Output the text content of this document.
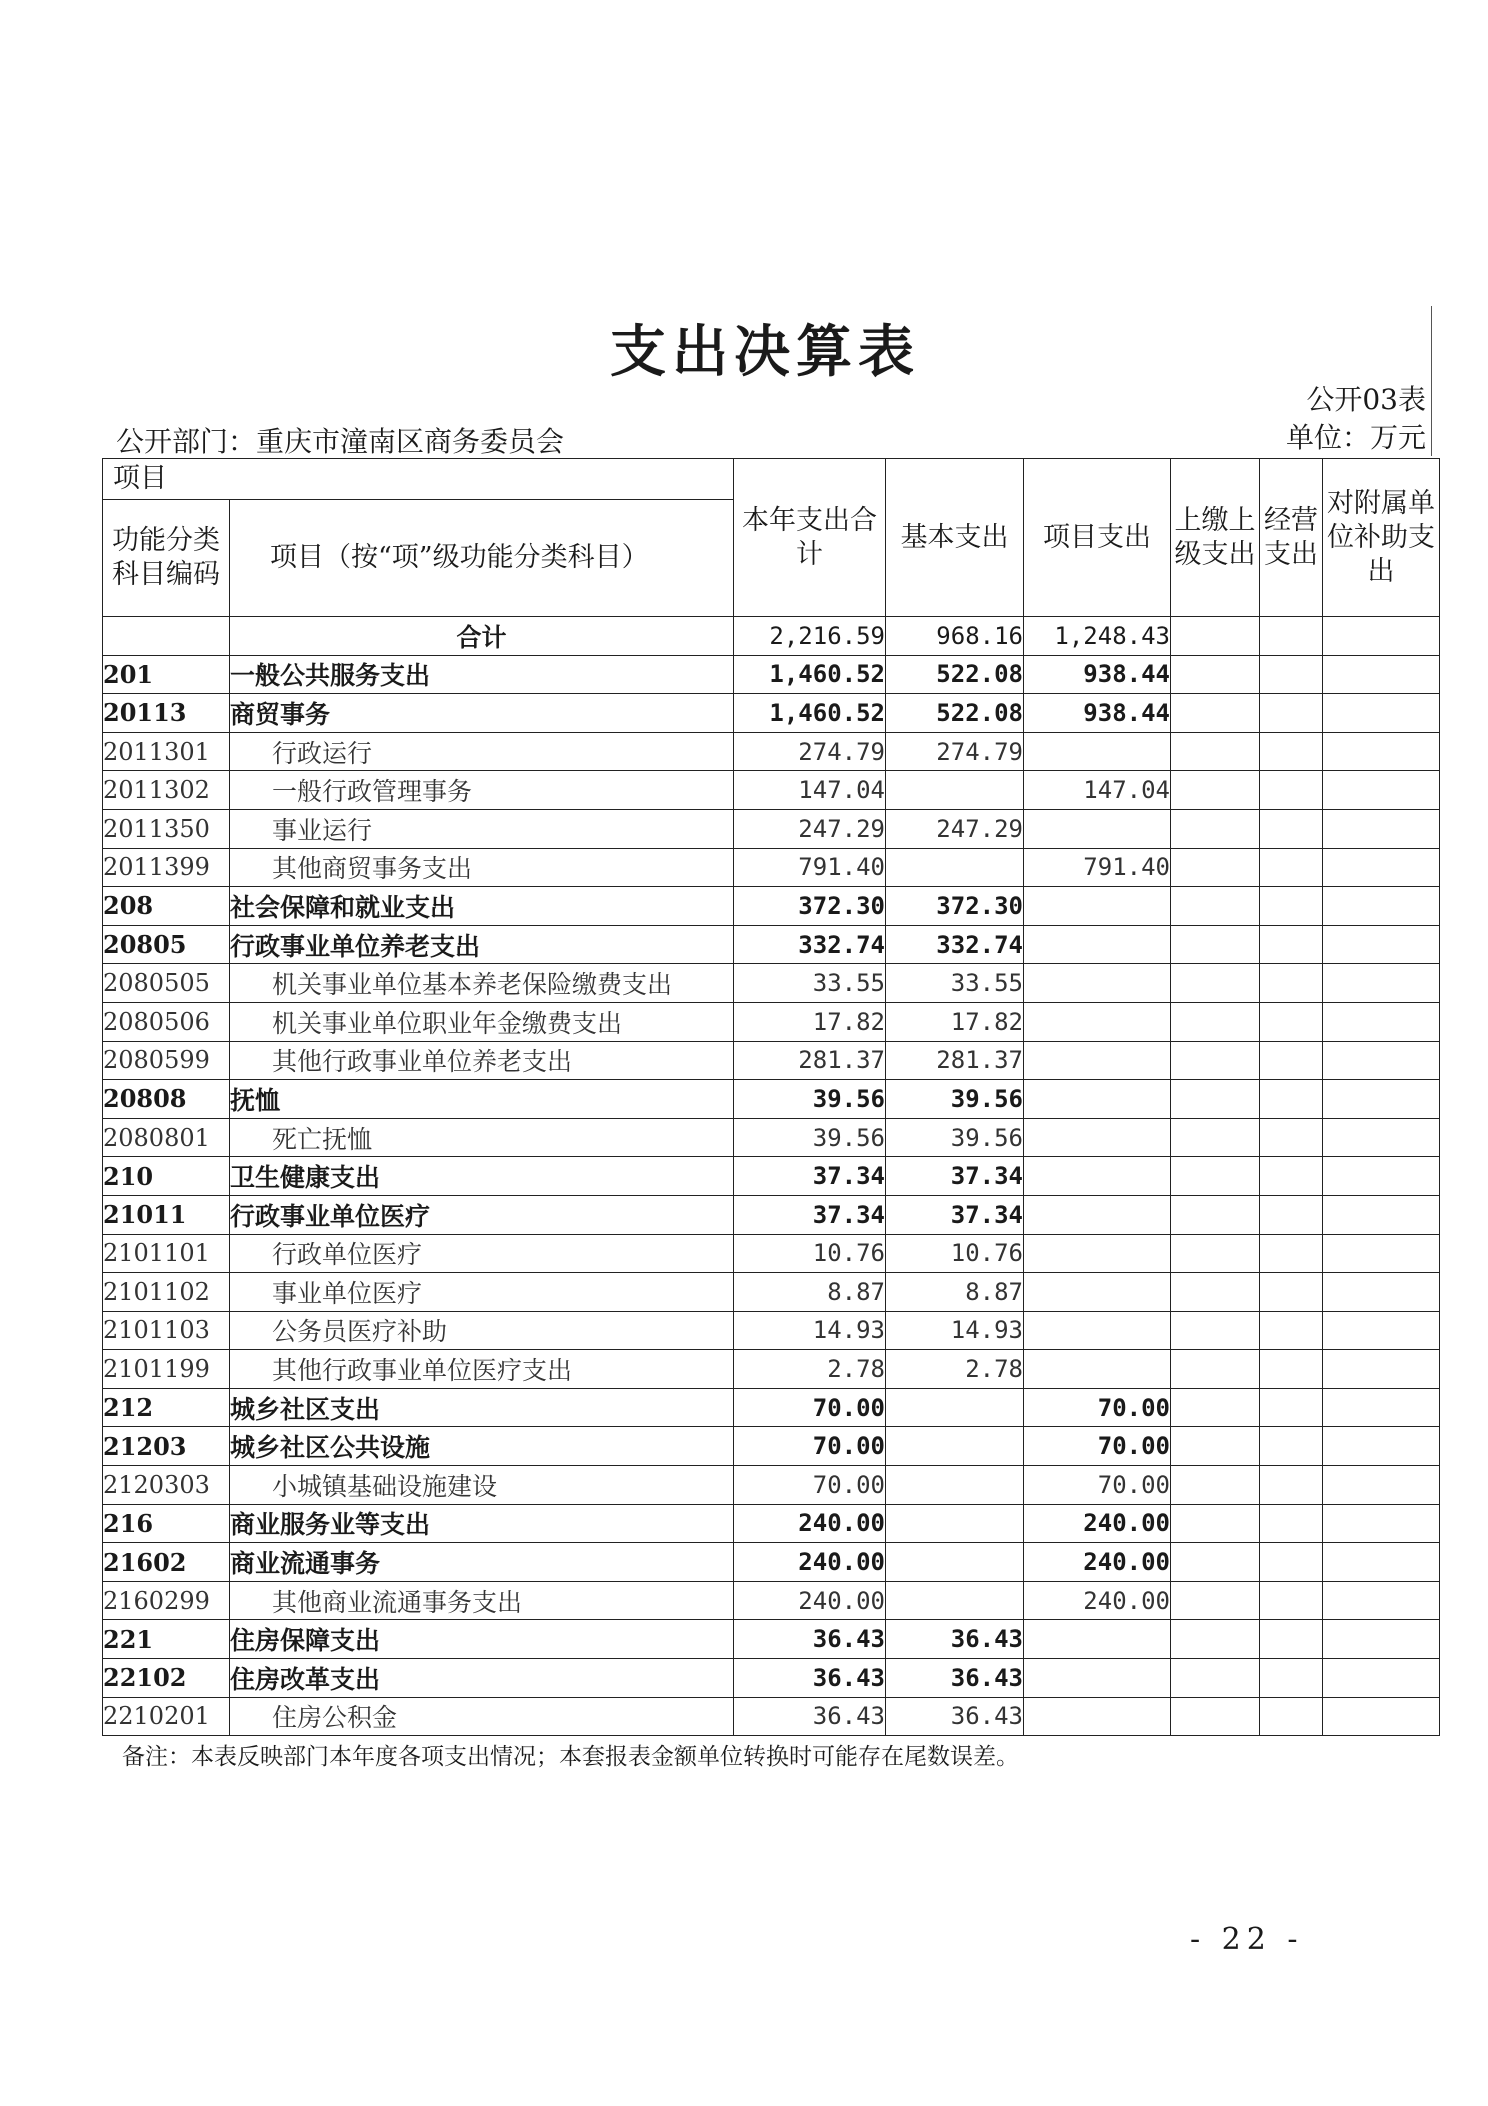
支出决算表
公开03表
单位：万元
公开部门：重庆市潼南区商务委员会
项目		本年支出合计	基本支出	项目支出	上缴上级支出	经营支出	对附属单位补助支出
功能分类科目编码	项目（按“项”级功能分类科目）						
	合计	2,216.59	968.16	1,248.43			
201	一般公共服务支出	1,460.52	522.08	938.44			
20113	商贸事务	1,460.52	522.08	938.44			
2011301	行政运行	274.79	274.79				
2011302	一般行政管理事务	147.04		147.04			
2011350	事业运行	247.29	247.29				
2011399	其他商贸事务支出	791.40		791.40			
208	社会保障和就业支出	372.30	372.30				
20805	行政事业单位养老支出	332.74	332.74				
2080505	机关事业单位基本养老保险缴费支出	33.55	33.55				
2080506	机关事业单位职业年金缴费支出	17.82	17.82				
2080599	其他行政事业单位养老支出	281.37	281.37				
20808	抚恤	39.56	39.56				
2080801	死亡抚恤	39.56	39.56				
210	卫生健康支出	37.34	37.34				
21011	行政事业单位医疗	37.34	37.34				
2101101	行政单位医疗	10.76	10.76				
2101102	事业单位医疗	8.87	8.87				
2101103	公务员医疗补助	14.93	14.93				
2101199	其他行政事业单位医疗支出	2.78	2.78				
212	城乡社区支出	70.00		70.00			
21203	城乡社区公共设施	70.00		70.00			
2120303	小城镇基础设施建设	70.00		70.00			
216	商业服务业等支出	240.00		240.00			
21602	商业流通事务	240.00		240.00			
2160299	其他商业流通事务支出	240.00		240.00			
221	住房保障支出	36.43	36.43				
22102	住房改革支出	36.43	36.43				
2210201	住房公积金	36.43	36.43				
备注：本表反映部门本年度各项支出情况；本套报表金额单位转换时可能存在尾数误差。
- 22 -
